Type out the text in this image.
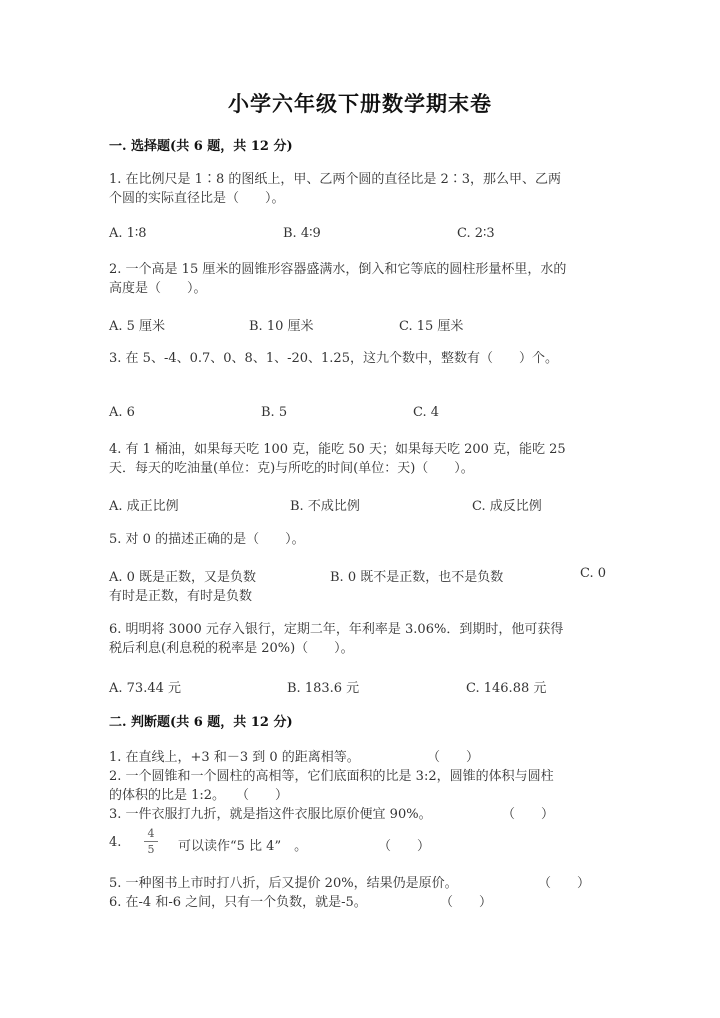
小学六年级下册数学期末卷
一. 选择题(共 6 题，共 12 分)
1. 在比例尺是 1∶8 的图纸上，甲、乙两个圆的直径比是 2∶3，那么甲、乙两
个圆的实际直径比是（　　）。
A. 1∶8	B. 4∶9	C. 2∶3
2. 一个高是 15 厘米的圆锥形容器盛满水，倒入和它等底的圆柱形量杯里，水的
高度是（　　）。
A. 5 厘米	B. 10 厘米	C. 15 厘米
3. 在 5、-4、0.7、0、8、1、-20、1.25，这九个数中，整数有（　　）个。
A. 6	B. 5	C. 4
4. 有 1 桶油，如果每天吃 100 克，能吃 50 天；如果每天吃 200 克，能吃 25
天．每天的吃油量(单位：克)与所吃的时间(单位：天)（　　）。
A. 成正比例	B. 不成比例	C. 成反比例
5. 对 0 的描述正确的是（　　）。
A. 0 既是正数，又是负数	B. 0 既不是正数，也不是负数	C. 0
有时是正数，有时是负数
6. 明明将 3000 元存入银行，定期二年，年利率是 3.06%．到期时，他可获得
税后利息(利息税的税率是 20%)（　　）。
A. 73.44 元	B. 183.6 元	C. 146.88 元
二. 判断题(共 6 题，共 12 分)
1. 在直线上，+3 和－3 到 0 的距离相等。	（　　）
2. 一个圆锥和一个圆柱的高相等，它们底面积的比是 3:2，圆锥的体积与圆柱
的体积的比是 1:2。 （　　）
3. 一件衣服打九折，就是指这件衣服比原价便宜 90%。	（　　）
4.
4
5 可以读作“5 比 4”　。	（　　）
5. 一种图书上市时打八折，后又提价 20%，结果仍是原价。	（　　）
6. 在-4 和-6 之间，只有一个负数，就是-5。	（　　）
